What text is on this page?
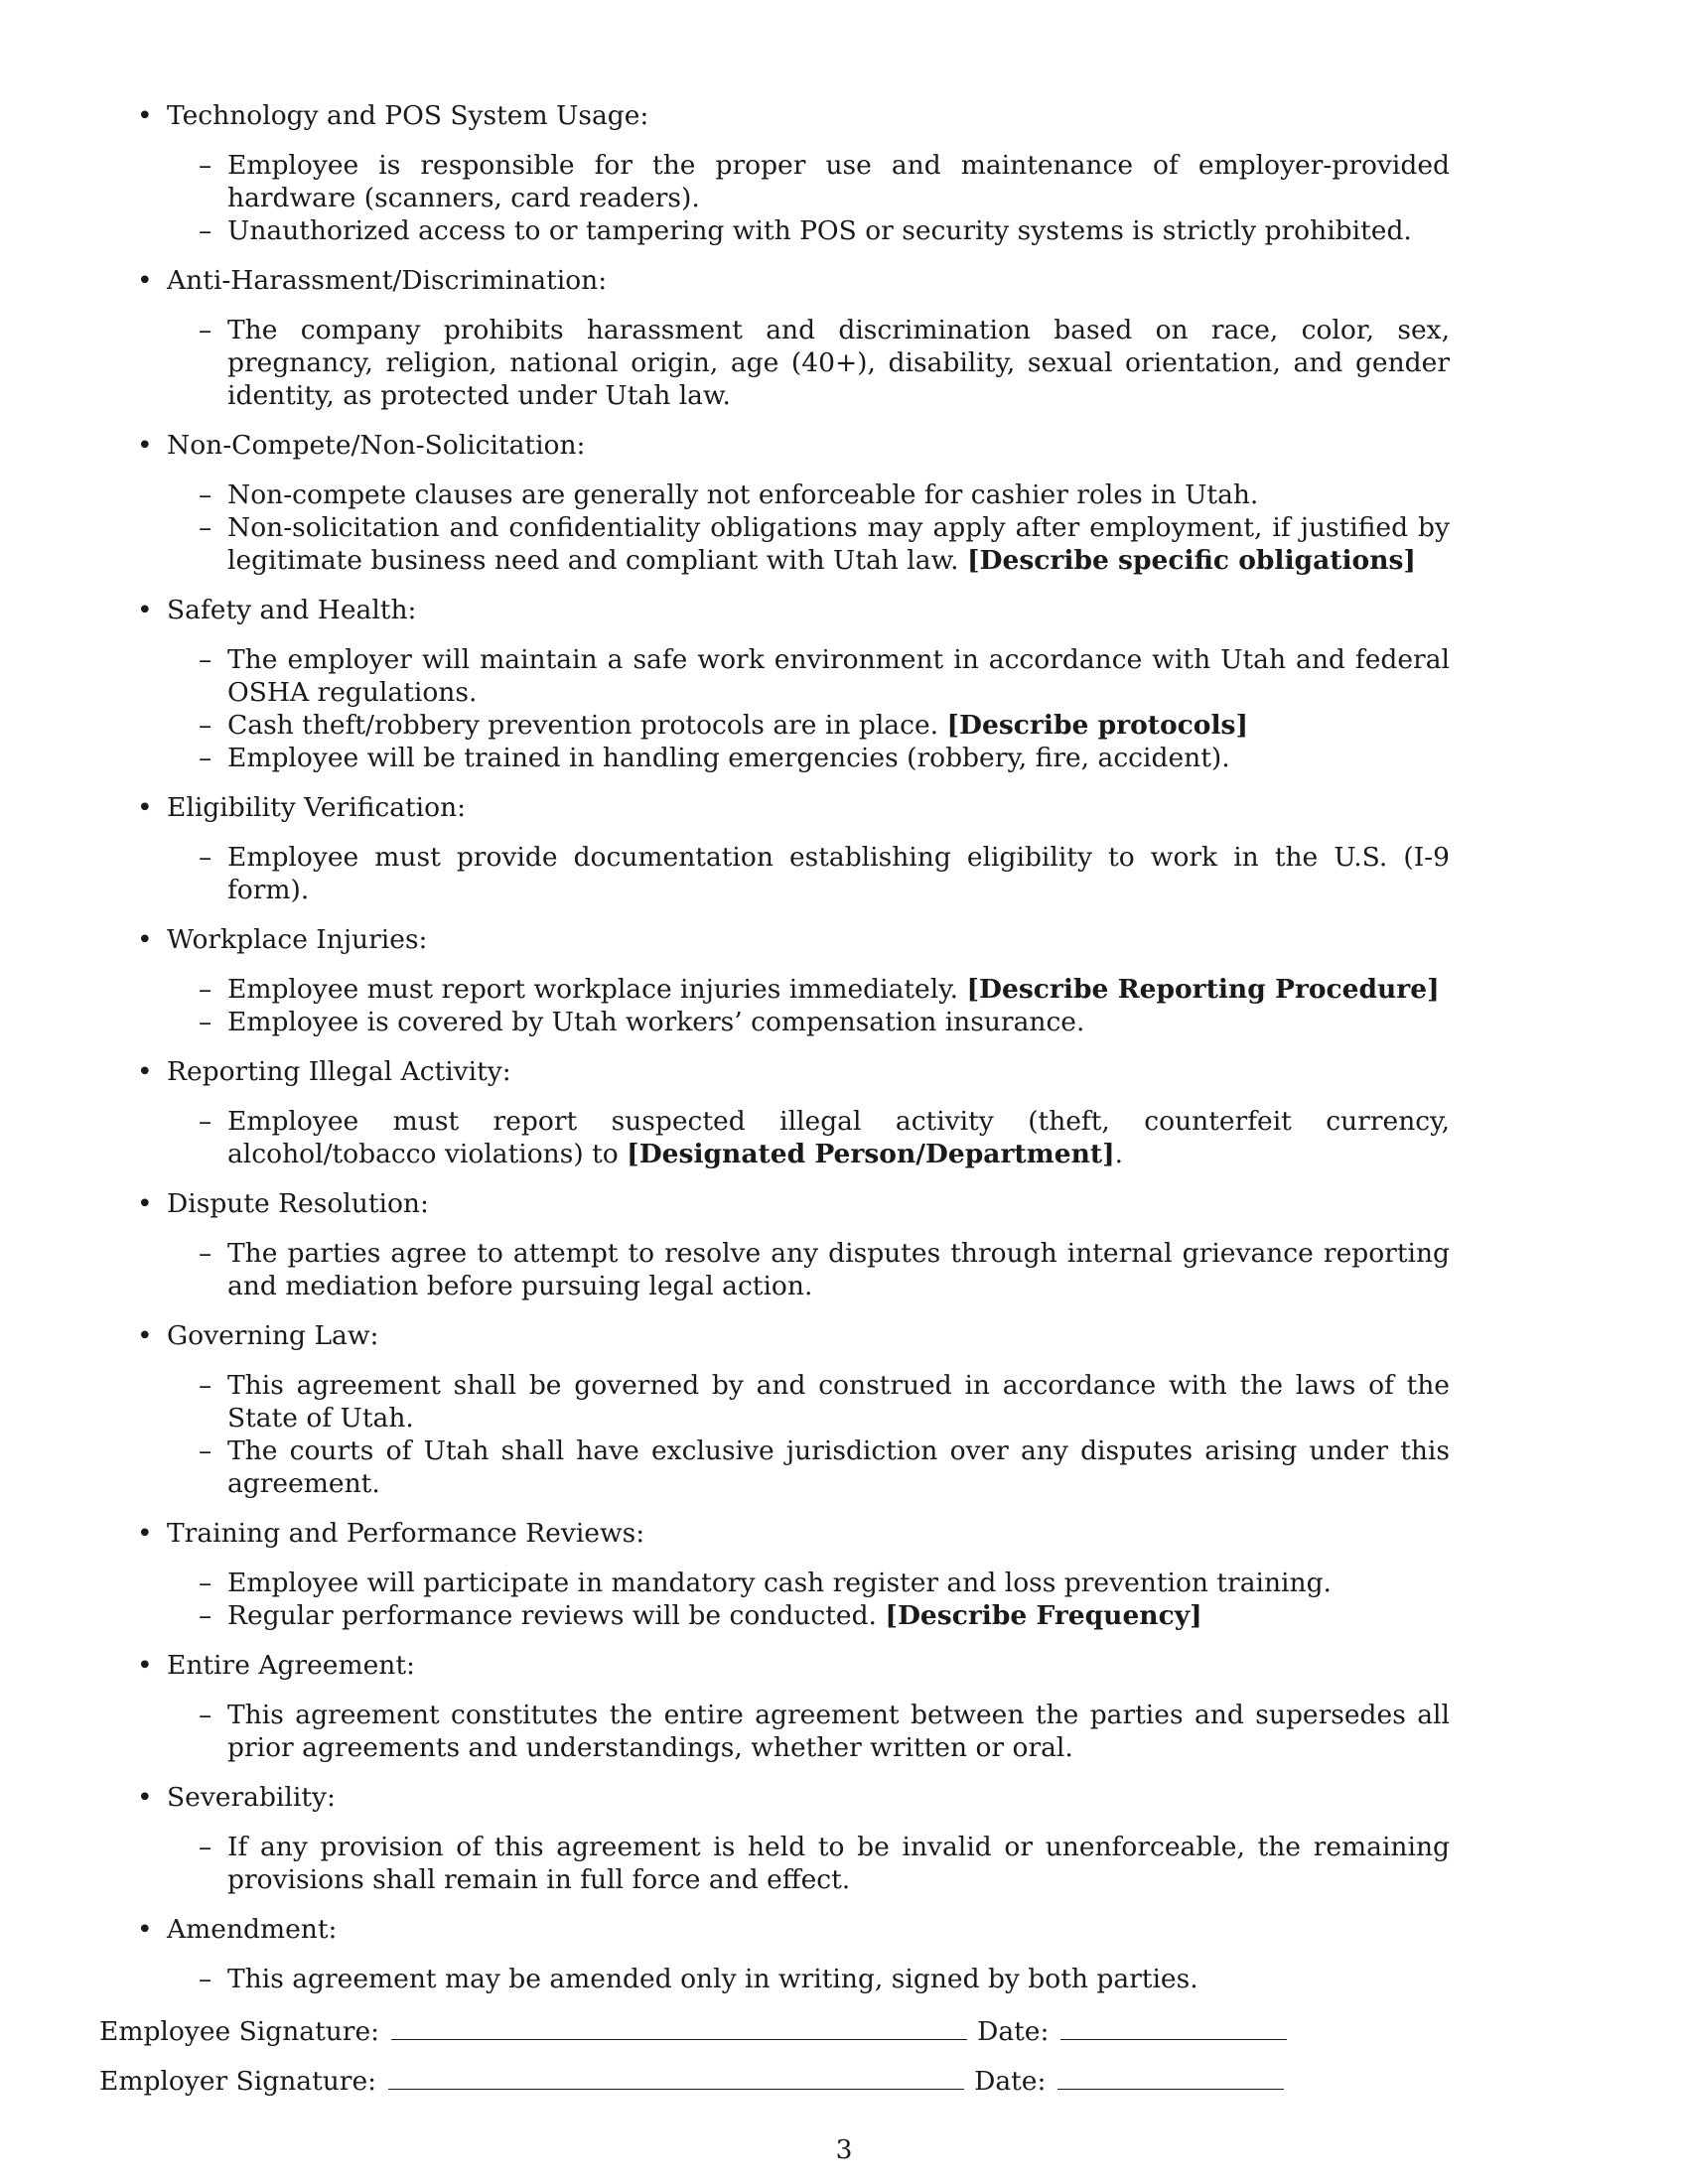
• Technology and POS System Usage:
– Employee is responsible for the proper use and maintenance of employer-provided hardware (scanners, card readers).
– Unauthorized access to or tampering with POS or security systems is strictly prohibited.
• Anti-Harassment/Discrimination:
– The company prohibits harassment and discrimination based on race, color, sex, pregnancy, religion, national origin, age (40+), disability, sexual orientation, and gender identity, as protected under Utah law.
• Non-Compete/Non-Solicitation:
– Non-compete clauses are generally not enforceable for cashier roles in Utah.
– Non-solicitation and confidentiality obligations may apply after employment, if justified by legitimate business need and compliant with Utah law. [Describe specific obligations]
• Safety and Health:
– The employer will maintain a safe work environment in accordance with Utah and federal OSHA regulations.
– Cash theft/robbery prevention protocols are in place. [Describe protocols]
– Employee will be trained in handling emergencies (robbery, fire, accident).
• Eligibility Verification:
– Employee must provide documentation establishing eligibility to work in the U.S. (I-9 form).
• Workplace Injuries:
– Employee must report workplace injuries immediately. [Describe Reporting Procedure]
– Employee is covered by Utah workers’ compensation insurance.
• Reporting Illegal Activity:
– Employee must report suspected illegal activity (theft, counterfeit currency, alcohol/tobacco violations) to [Designated Person/Department].
• Dispute Resolution:
– The parties agree to attempt to resolve any disputes through internal grievance reporting and mediation before pursuing legal action.
• Governing Law:
– This agreement shall be governed by and construed in accordance with the laws of the State of Utah.
– The courts of Utah shall have exclusive jurisdiction over any disputes arising under this agreement.
• Training and Performance Reviews:
– Employee will participate in mandatory cash register and loss prevention training.
– Regular performance reviews will be conducted. [Describe Frequency]
• Entire Agreement:
– This agreement constitutes the entire agreement between the parties and supersedes all prior agreements and understandings, whether written or oral.
• Severability:
– If any provision of this agreement is held to be invalid or unenforceable, the remaining provisions shall remain in full force and effect.
• Amendment:
– This agreement may be amended only in writing, signed by both parties.
Employee Signature:	Date:
Employer Signature:	Date:
3
